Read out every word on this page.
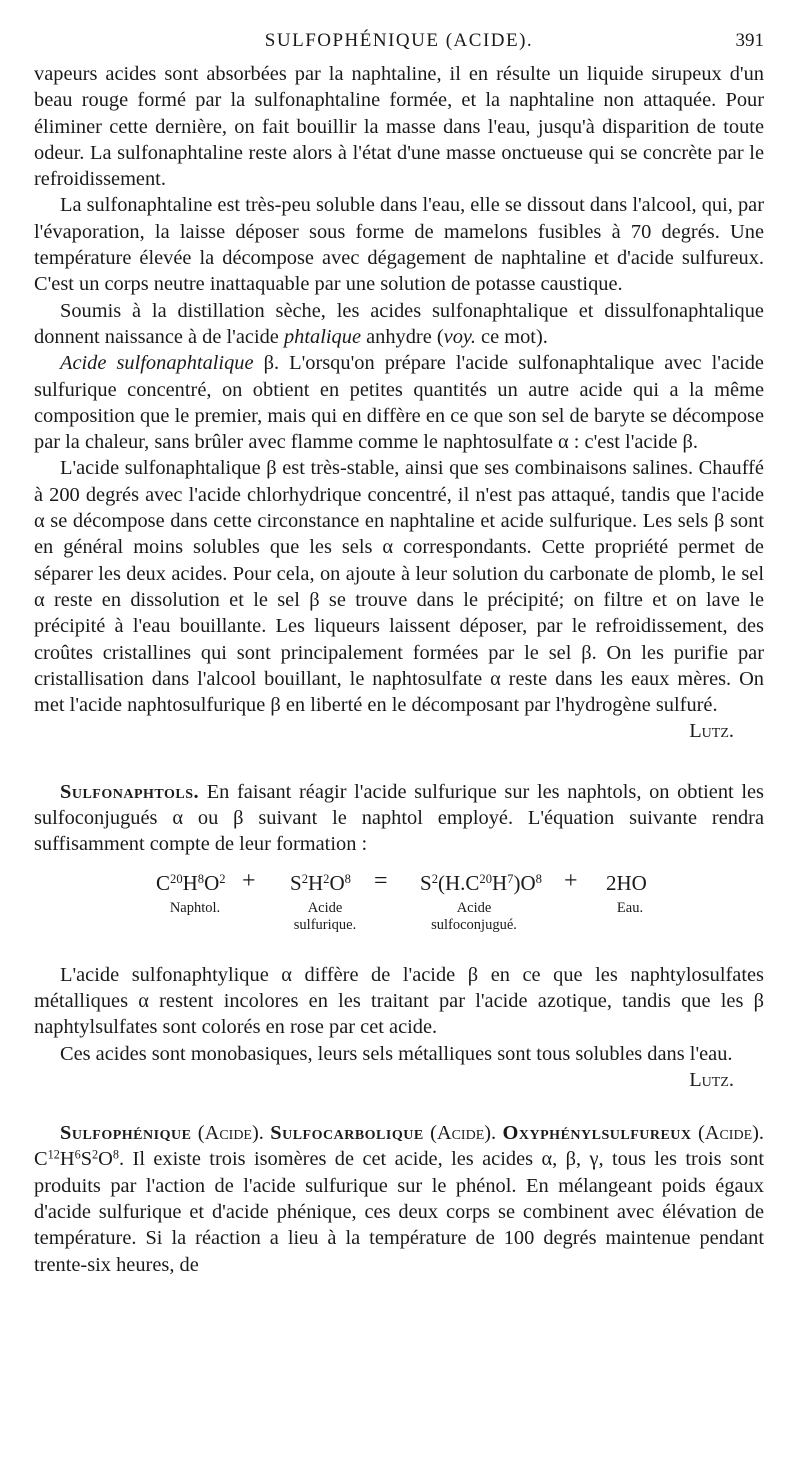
SULFOPHÉNIQUE (ACIDE).	391

vapeurs acides sont absorbées par la naphtaline, il en résulte un liquide sirupeux d'un beau rouge formé par la sulfonaphtaline formée, et la naphtaline non attaquée. Pour éliminer cette dernière, on fait bouillir la masse dans l'eau, jusqu'à disparition de toute odeur. La sulfonaphtaline reste alors à l'état d'une masse onctueuse qui se concrète par le refroidissement.

La sulfonaphtaline est très-peu soluble dans l'eau, elle se dissout dans l'alcool, qui, par l'évaporation, la laisse déposer sous forme de mamelons fusibles à 70 degrés. Une température élevée la décompose avec dégagement de naphtaline et d'acide sulfureux. C'est un corps neutre inattaquable par une solution de potasse caustique.

Soumis à la distillation sèche, les acides sulfonaphtalique et dissulfonaphtalique donnent naissance à de l'acide phtalique anhydre (voy. ce mot).

Acide sulfonaphtalique β. L'orsqu'on prépare l'acide sulfonaphtalique avec l'acide sulfurique concentré, on obtient en petites quantités un autre acide qui a la même composition que le premier, mais qui en diffère en ce que son sel de baryte se décompose par la chaleur, sans brûler avec flamme comme le naphtosulfate α : c'est l'acide β.

L'acide sulfonaphtalique β est très-stable, ainsi que ses combinaisons salines. Chauffé à 200 degrés avec l'acide chlorhydrique concentré, il n'est pas attaqué, tandis que l'acide α se décompose dans cette circonstance en naphtaline et acide sulfurique. Les sels β sont en général moins solubles que les sels α correspondants. Cette propriété permet de séparer les deux acides. Pour cela, on ajoute à leur solution du carbonate de plomb, le sel α reste en dissolution et le sel β se trouve dans le précipité; on filtre et on lave le précipité à l'eau bouillante. Les liqueurs laissent déposer, par le refroidissement, des croûtes cristallines qui sont principalement formées par le sel β. On les purifie par cristallisation dans l'alcool bouillant, le naphtosulfate α reste dans les eaux mères. On met l'acide naphtosulfurique β en liberté en le décomposant par l'hydrogène sulfuré.

Lutz.

Sulfonaphtols. En faisant réagir l'acide sulfurique sur les naphtols, on obtient les sulfoconjugués α ou β suivant le naphtol employé. L'équation suivante rendra suffisamment compte de leur formation :

$C^{20}H^8O^2 + S^2H^2O^8 = S^2(H.C^{20}H^7)O^8 + 2HO$
Naphtol.	Acide
sulfurique.
Acide
sulfoconjugué.
Eau.

L'acide sulfonaphtylique α diffère de l'acide β en ce que les naphtylosulfates métalliques α restent incolores en les traitant par l'acide azotique, tandis que les β naphtylsulfates sont colorés en rose par cet acide.

Ces acides sont monobasiques, leurs sels métalliques sont tous solubles dans l'eau.
Lutz.

Sulfophénique (Acide). Sulfocarbolique (Acide). Oxyphénylsulfureux (Acide). $C^{12}H^6S^2O^8$. Il existe trois isomères de cet acide, les acides α, β, γ, tous les trois sont produits par l'action de l'acide sulfurique sur le phénol. En mélangeant poids égaux d'acide sulfurique et d'acide phénique, ces deux corps se combinent avec élévation de température. Si la réaction a lieu à la température de 100 degrés maintenue pendant trente-six heures, de
